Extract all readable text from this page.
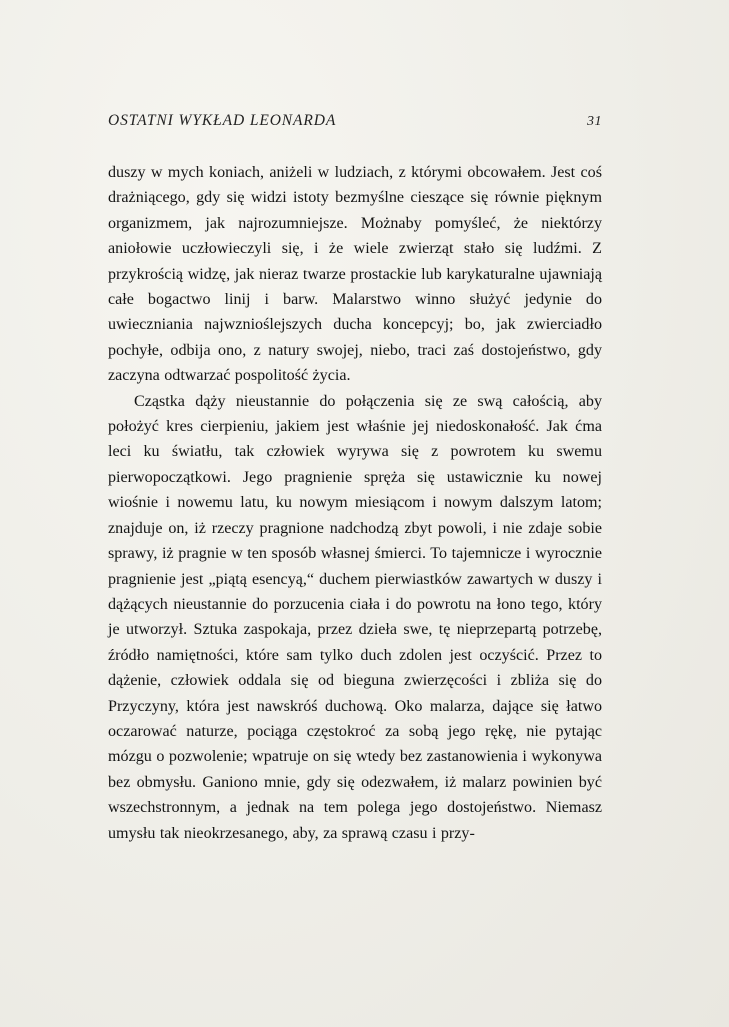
OSTATNI WYKŁAD LEONARDA	31

duszy w mych koniach, aniżeli w ludziach, z którymi obcowałem. Jest coś drażniącego, gdy się widzi istoty bezmyślne cieszące się równie pięknym organizmem, jak najrozumniejsze. Możnaby pomyśleć, że niektórzy aniołowie uczłowieczyli się, i że wiele zwierząt stało się ludźmi. Z przykrością widzę, jak nieraz twarze prostackie lub karykaturalne ujawniają całe bogactwo linij i barw. Malarstwo winno służyć jedynie do uwieczniania najwznioślejszych ducha koncepcyj; bo, jak zwierciadło pochyłe, odbija ono, z natury swojej, niebo, traci zaś dostojeństwo, gdy zaczyna odtwarzać pospolitość życia.

Cząstka dąży nieustannie do połączenia się ze swą całością, aby położyć kres cierpieniu, jakiem jest właśnie jej niedoskonałość. Jak ćma leci ku światłu, tak człowiek wyrywa się z powrotem ku swemu pierwopoczątkowi. Jego pragnienie spręża się ustawicznie ku nowej wiośnie i nowemu latu, ku nowym miesiącom i nowym dalszym latom; znajduje on, iż rzeczy pragnione nadchodzą zbyt powoli, i nie zdaje sobie sprawy, iż pragnie w ten sposób własnej śmierci. To tajemnicze i wyrocznie pragnienie jest „piątą esencyą,“ duchem pierwiastków zawartych w duszy i dążących nieustannie do porzucenia ciała i do powrotu na łono tego, który je utworzył. Sztuka zaspokaja, przez dzieła swe, tę nieprzepartą potrzebę, źródło namiętności, które sam tylko duch zdolen jest oczyścić. Przez to dążenie, człowiek oddala się od bieguna zwierzęcości i zbliża się do Przyczyny, która jest nawskróś duchową. Oko malarza, dające się łatwo oczarować naturze, pociąga częstokroć za sobą jego rękę, nie pytając mózgu o pozwolenie; wpatruje on się wtedy bez zastanowienia i wykonywa bez obmysłu. Ganiono mnie, gdy się odezwałem, iż malarz powinien być wszechstronnym, a jednak na tem polega jego dostojeństwo. Niemasz umysłu tak nieokrzesanego, aby, za sprawą czasu i przy-
